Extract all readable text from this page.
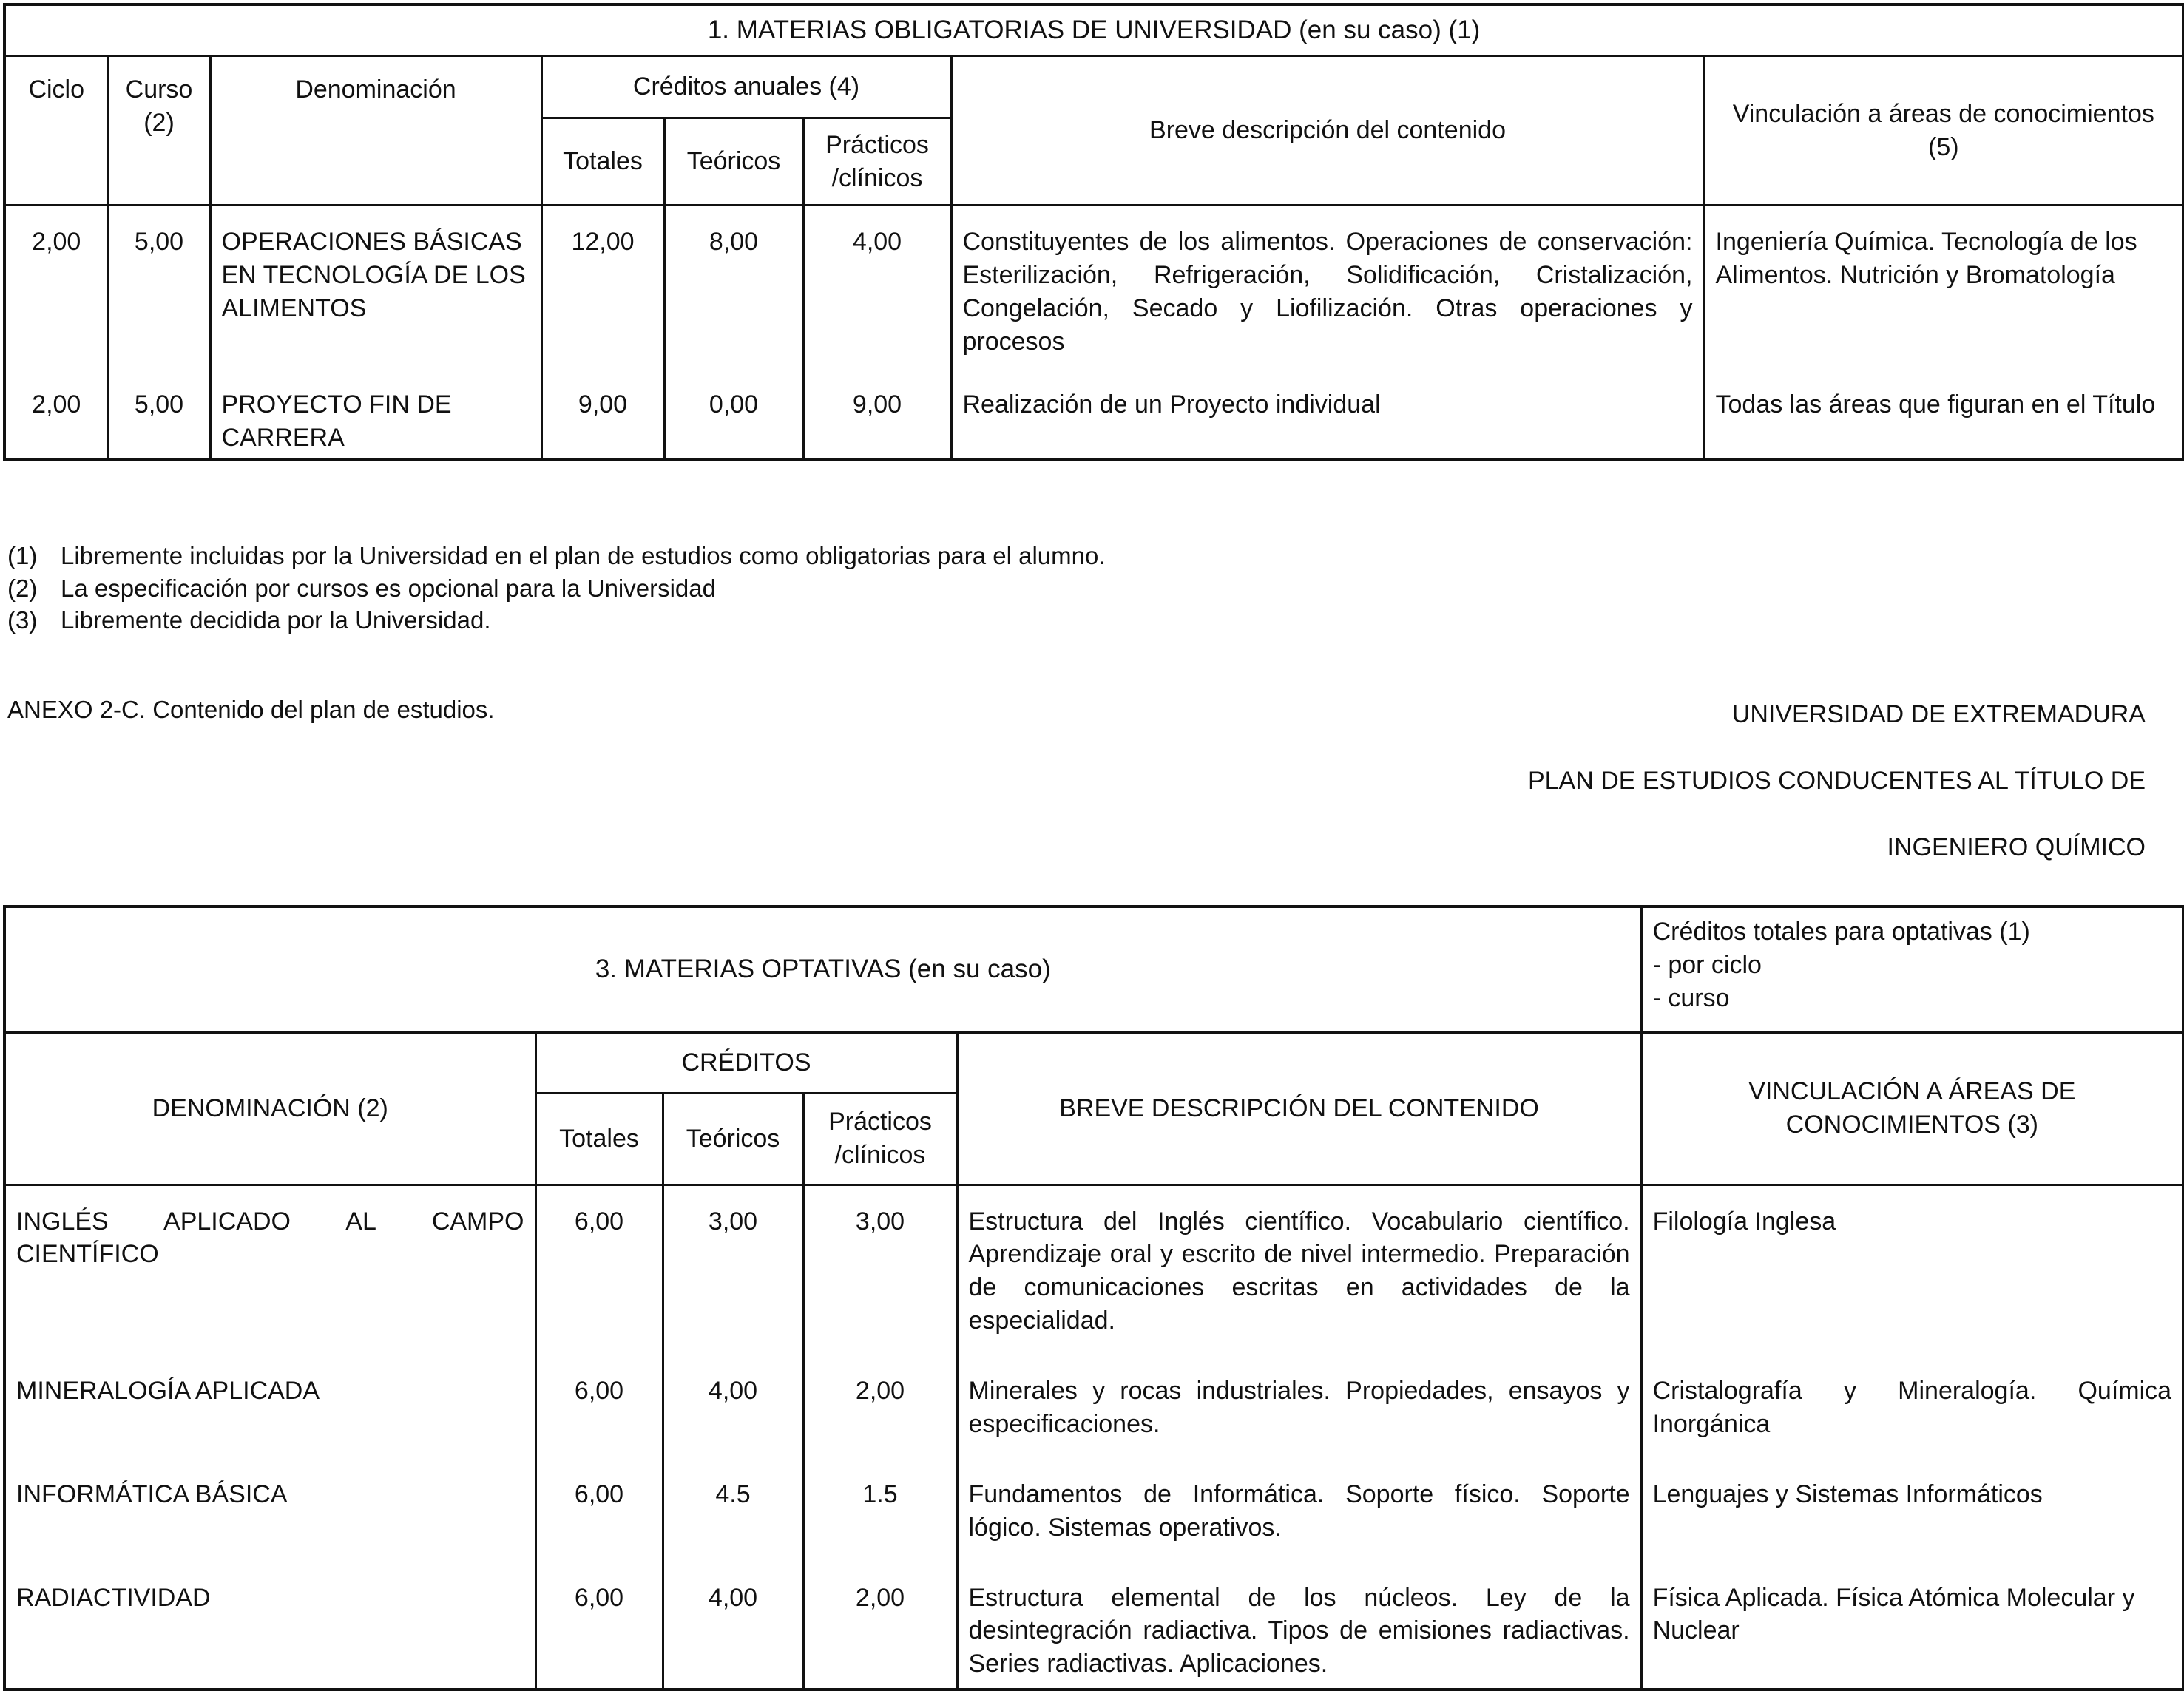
1. MATERIAS OBLIGATORIAS DE UNIVERSIDAD (en su caso) (1)							
Ciclo	Curso (2)	Denominación	Créditos anuales (4)			Breve descripción del contenido	Vinculación a áreas de conocimientos (5)
			Totales	Teóricos	Prácticos /clínicos		
2,00	5,00	OPERACIONES BÁSICAS EN TECNOLOGÍA DE LOS ALIMENTOS	12,00	8,00	4,00	Constituyentes de los alimentos. Operaciones de conservación: Esterilización, Refrigeración, Solidificación, Cristalización, Congelación, Secado y Liofilización. Otras operaciones y procesos	Ingeniería Química. Tecnología de los Alimentos. Nutrición y Bromatología
2,00	5,00	PROYECTO FIN DE CARRERA	9,00	0,00	9,00	Realización de un Proyecto individual	Todas las áreas que figuran en el Título
(1) Libremente incluidas por la Universidad en el plan de estudios como obligatorias para el alumno.
(2) La especificación por cursos es opcional para la Universidad
(3) Libremente decidida por la Universidad.
ANEXO 2-C. Contenido del plan de estudios.	UNIVERSIDAD DE EXTREMADURA
PLAN DE ESTUDIOS CONDUCENTES AL TÍTULO DE
INGENIERO QUÍMICO
3. MATERIAS OPTATIVAS (en su caso)					Créditos totales para optativas (1)
- por ciclo
- curso

DENOMINACIÓN (2)	CRÉDITOS			BREVE DESCRIPCIÓN DEL CONTENIDO	VINCULACIÓN A ÁREAS DE CONOCIMIENTOS (3)
	Totales	Teóricos	Prácticos /clínicos		
INGLÉS APLICADO AL CAMPO CIENTÍFICO	6,00	3,00	3,00	Estructura del Inglés científico. Vocabulario científico. Aprendizaje oral y escrito de nivel intermedio. Preparación de comunicaciones escritas en actividades de la especialidad.	Filología Inglesa
MINERALOGÍA APLICADA	6,00	4,00	2,00	Minerales y rocas industriales. Propiedades, ensayos y especificaciones.	Cristalografía y Mineralogía. Química Inorgánica
INFORMÁTICA BÁSICA	6,00	4.5	1.5	Fundamentos de Informática. Soporte físico. Soporte lógico. Sistemas operativos.	Lenguajes y Sistemas Informáticos
RADIACTIVIDAD	6,00	4,00	2,00	Estructura elemental de los núcleos. Ley de la desintegración radiactiva. Tipos de emisiones radiactivas. Series radiactivas. Aplicaciones.	Física Aplicada. Física Atómica Molecular y Nuclear
